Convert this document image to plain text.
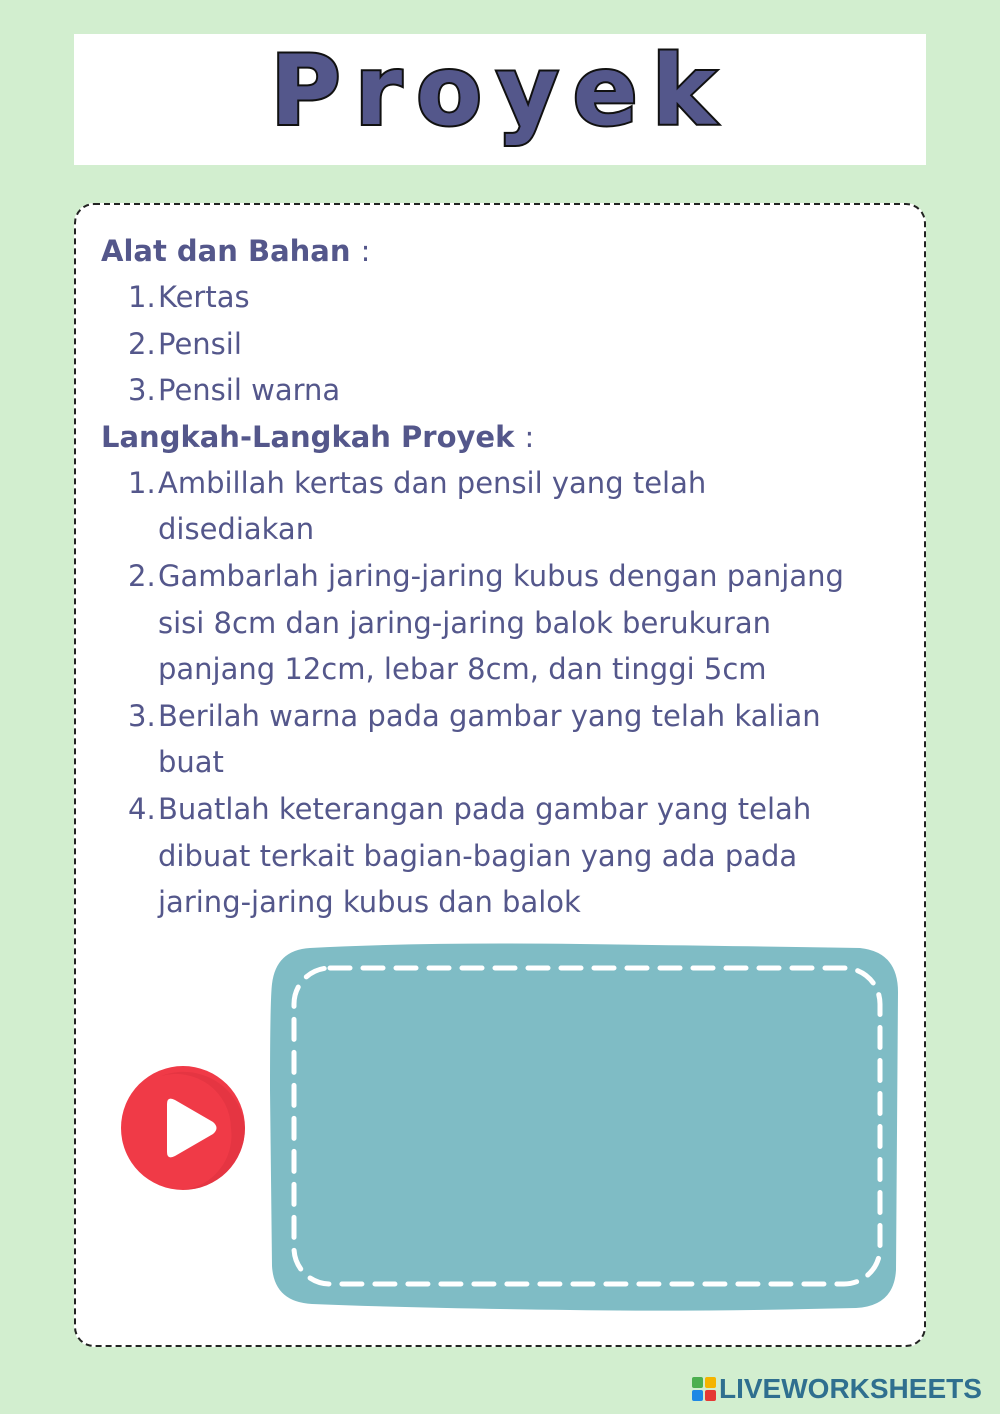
Proyek

Alat dan Bahan :

1. Kertas
2. Pensil
3. Pensil warna

Langkah-Langkah Proyek :

1. Ambillah kertas dan pensil yang telah
disediakan
2. Gambarlah jaring-jaring kubus dengan panjang
sisi 8cm dan jaring-jaring balok berukuran
panjang 12cm, lebar 8cm, dan tinggi 5cm
3. Berilah warna pada gambar yang telah kalian
buat
4. Buatlah keterangan pada gambar yang telah
dibuat terkait bagian-bagian yang ada pada
jaring-jaring kubus dan balok
LIVEWORKSHEETS
